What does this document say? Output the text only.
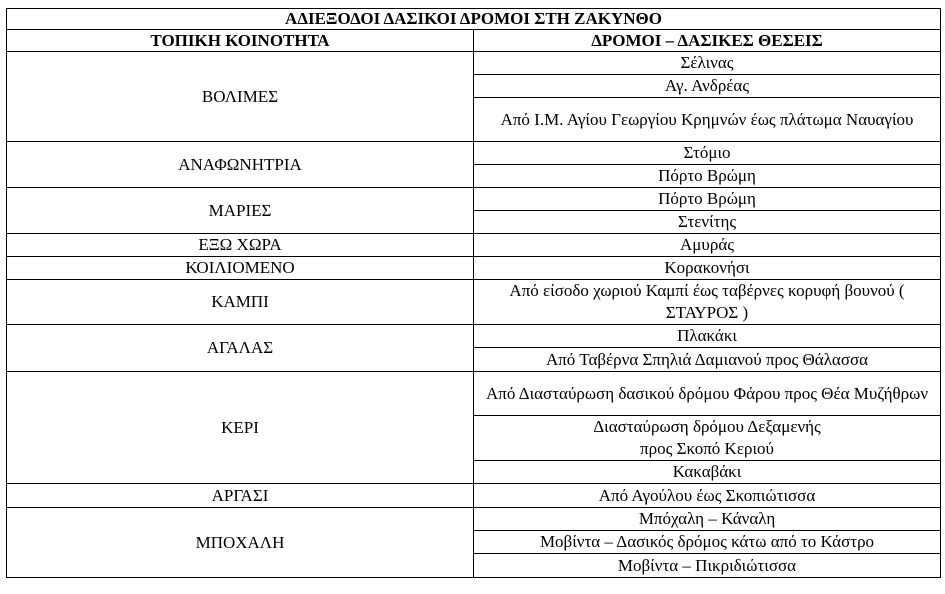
ΑΔΙΕΞΟΔΟΙ ΔΑΣΙΚΟΙ ΔΡΟΜΟΙ ΣΤΗ ΖΑΚΥΝΘΟ	
ΤΟΠΙΚΗ ΚΟΙΝΟΤΗΤΑ	ΔΡΟΜΟΙ – ΔΑΣΙΚΕΣ ΘΕΣΕΙΣ
ΒΟΛΙΜΕΣ	Σέλινας
	Αγ. Ανδρέας
	Από Ι.Μ. Αγίου Γεωργίου Κρημνών έως πλάτωμα Ναυαγίου
ΑΝΑΦΩΝΗΤΡΙΑ	Στόμιο
	Πόρτο Βρώμη
ΜΑΡΙΕΣ	Πόρτο Βρώμη
	Στενίτης
ΕΞΩ ΧΩΡΑ	Αμυράς
ΚΟΙΛΙΟΜΕΝΟ	Κορακονήσι
ΚΑΜΠΙ	Από είσοδο χωριού Καμπί έως ταβέρνες κορυφή βουνού ( ΣΤΑΥΡΟΣ )
ΑΓΑΛΑΣ	Πλακάκι
	Από Ταβέρνα Σπηλιά Δαμιανού προς Θάλασσα
ΚΕΡΙ	Από Διασταύρωση δασικού δρόμου Φάρου προς Θέα Μυζήθρων
	Διασταύρωση δρόμου Δεξαμενής
προς Σκοπό Κεριού
	Κακαβάκι
ΑΡΓΑΣΙ	Από Αγούλου έως Σκοπιώτισσα
ΜΠΟΧΑΛΗ	Μπόχαλη – Κάναλη
	Μοβίντα – Δασικός δρόμος κάτω από το Κάστρο
	Μοβίντα – Πικριδιώτισσα
